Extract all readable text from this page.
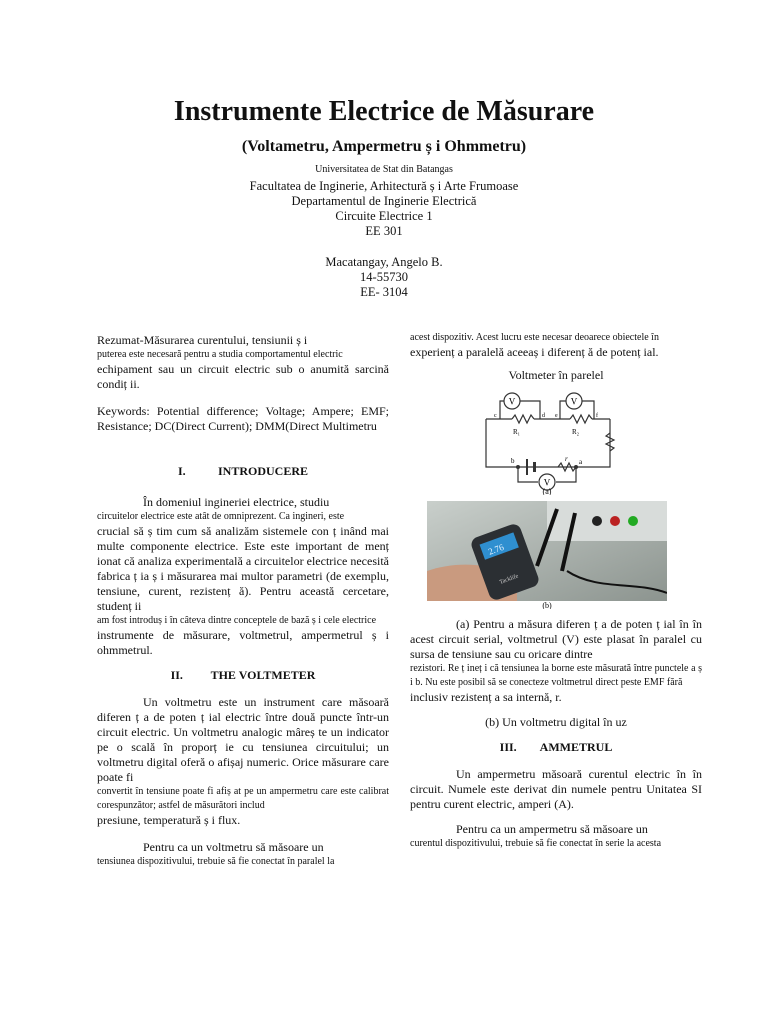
Instrumente Electrice de Măsurare
(Voltametru, Ampermetru ș i Ohmmetru)
Universitatea de Stat din Batangas
Facultatea de Inginerie, Arhitectură ș i Arte Frumoase
Departamentul de Inginerie Electrică
Circuite Electrice 1
EE 301
Macatangay, Angelo B.
14-55730
EE- 3104

Rezumat-Măsurarea curentului, tensiunii ș i

puterea este necesară pentru a studia comportamentul electric

echipament sau un circuit electric sub o anumită sarcină condiț ii.

Keywords: Potential difference; Voltage; Ampere; EMF; Resistance; DC(Direct Current); DMM(Direct Multimetru

I.	INTRODUCERE

În domeniul ingineriei electrice, studiu

circuitelor electrice este atât de omniprezent. Ca ingineri, este

crucial să ș tim cum să analizăm sistemele con ț inând mai multe componente electrice. Este este important de menț ionat că analiza experimentală a circuitelor electrice necesită fabrica ț ia ș i măsurarea mai multor parametri (de exemplu, tensiune, curent, rezistenț ă). Pentru această cercetare, studenț ii

am fost introduș i în câteva dintre conceptele de bază ș i cele electrice

instrumente de măsurare, voltmetrul, ampermetrul ș i ohmmetrul.

II.	THE VOLTMETER

Un voltmetru este un instrument care măsoară diferen ț a de poten ț ial electric între două puncte într-un circuit electric. Un voltmetru analogic mâreș te un indicator pe o scală în proporț ie cu tensiunea circuitului; un voltmetru digital oferă o afișaj numeric. Orice măsurare care poate fi

convertit în tensiune poate fi afiș at pe un ampermetru care este calibrat corespunzător; astfel de măsurători includ

presiune, temperatură ș i flux.

Pentru ca un voltmetru să măsoare un

tensiunea dispozitivului, trebuie să fie conectat în paralel la

acest dispozitiv. Acest lucru este necesar deoarece obiectele în

experienț a paralelă aceeaș i diferenț ă de potenț ial.

Voltmeter în parelel
V	V
V
R₁	R₂
b	a
r
c	d e	f
(a)
2.76
Tacklife
(b)

(a) Pentru a măsura diferen ț a de poten ț ial în în acest circuit serial, voltmetrul (V) este plasat în paralel cu sursa de tensiune sau cu oricare dintre

rezistori. Re ț ineț i că tensiunea la borne este măsurată între punctele a ș i b. Nu este posibil să se conecteze voltmetrul direct peste EMF fără

inclusiv rezistenț a sa internă, r.

(b) Un voltmetru digital în uz
III.	AMMETRUL

Un ampermetru măsoară curentul electric în în circuit. Numele este derivat din numele pentru Unitatea SI pentru curent electric, amperi (A).

Pentru ca un ampermetru să măsoare un

curentul dispozitivului, trebuie să fie conectat în serie la acesta
